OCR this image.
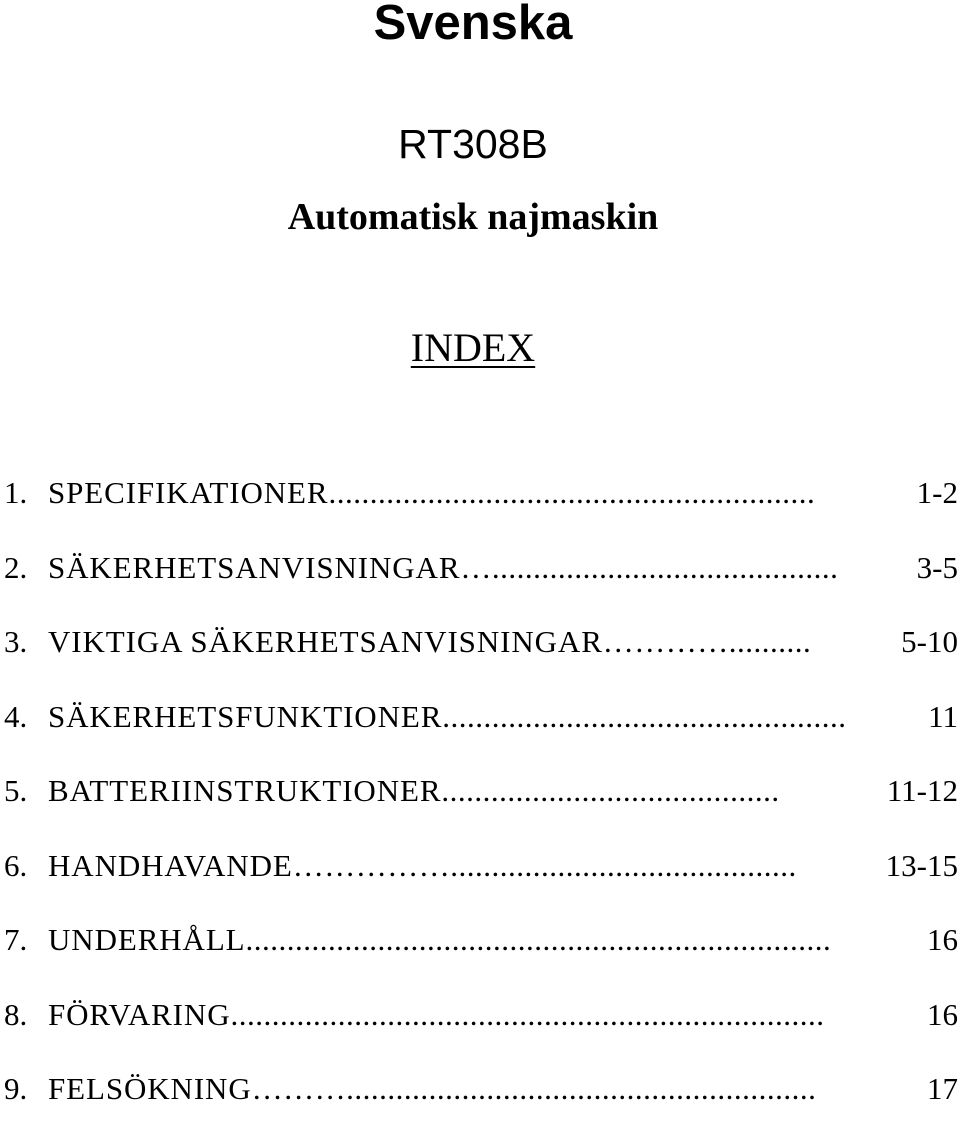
Svenska
RT308B
Automatisk najmaskin
INDEX
1. SPECIFIKATIONER ...........................................................	1-2
2. SÄKERHETSANVISNINGAR …..........................................	3-5
3. VIKTIGA SÄKERHETSANVISNINGAR …………..........	5-10
4. SÄKERHETSFUNKTIONER .................................................	11
5. BATTERIINSTRUKTIONER .........................................	11-12
6. HANDHAVANDE ……………..........................................	13-15
7. UNDERHÅLL .......................................................................	16
8. FÖRVARING ........................................................................	16
9. FELSÖKNING ……….........................................................	17
